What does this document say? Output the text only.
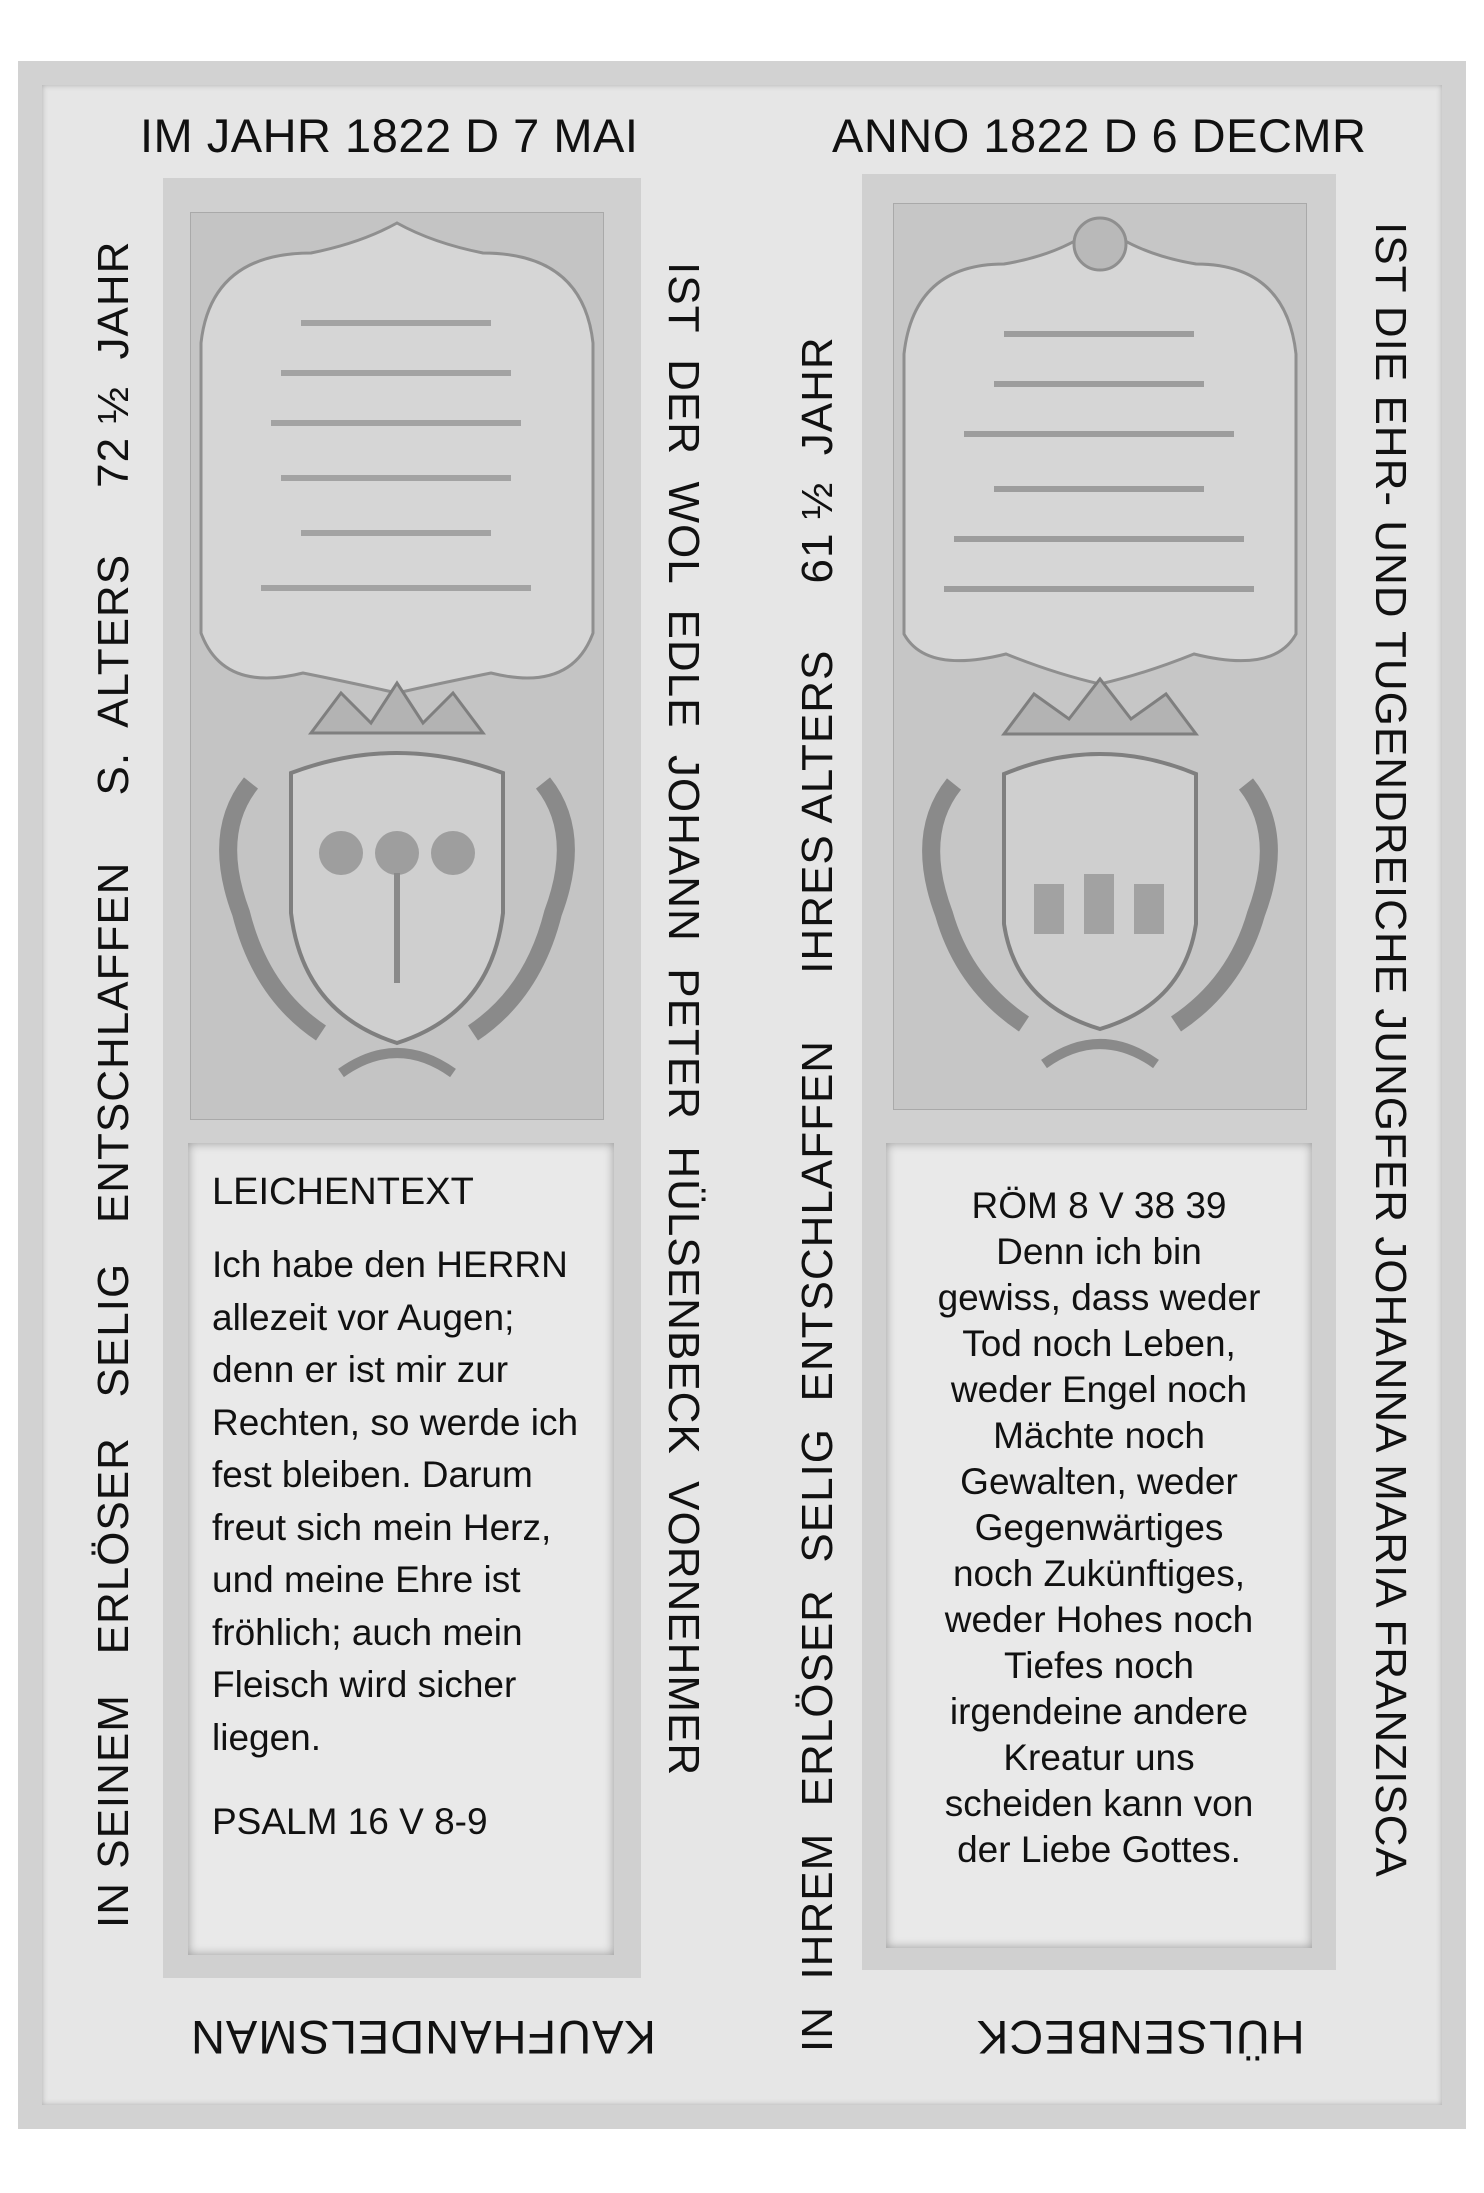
IM JAHR 1822 D 7 MAI
IN SEINEM   ERLÖSER   SELIG   ENTSCHLAFFEN     S.  ALTERS     72 ½  JAHR	IST  DER  WOL  EDLE  JOHANN  PETER  HÜLSENBECK  VORNEHMER
KAUFHANDELSMAN
LEICHENTEXT
Ich habe den HERRN
allezeit vor Augen;
denn er ist mir zur
Rechten, so werde ich
fest bleiben. Darum
freut sich mein Herz,
und meine Ehre ist
fröhlich; auch mein
Fleisch wird sicher
liegen.
PSALM 16 V 8-9
ANNO 1822 D 6 DECMR
IN  IHREM  ERLÖSER  SELIG  ENTSCHLAFFEN     IHRES ALTERS     61 ½  JAHR	IST DIE EHR- UND TUGENDREICHE JUNGFER JOHANNA MARIA FRANZISCA
HÜLSENBECK
RÖM 8 V 38 39
Denn ich bin
gewiss, dass weder
Tod noch Leben,
weder Engel noch
Mächte noch
Gewalten, weder
Gegenwärtiges
noch Zukünftiges,
weder Hohes noch
Tiefes noch
irgendeine andere
Kreatur uns
scheiden kann von
der Liebe Gottes.
